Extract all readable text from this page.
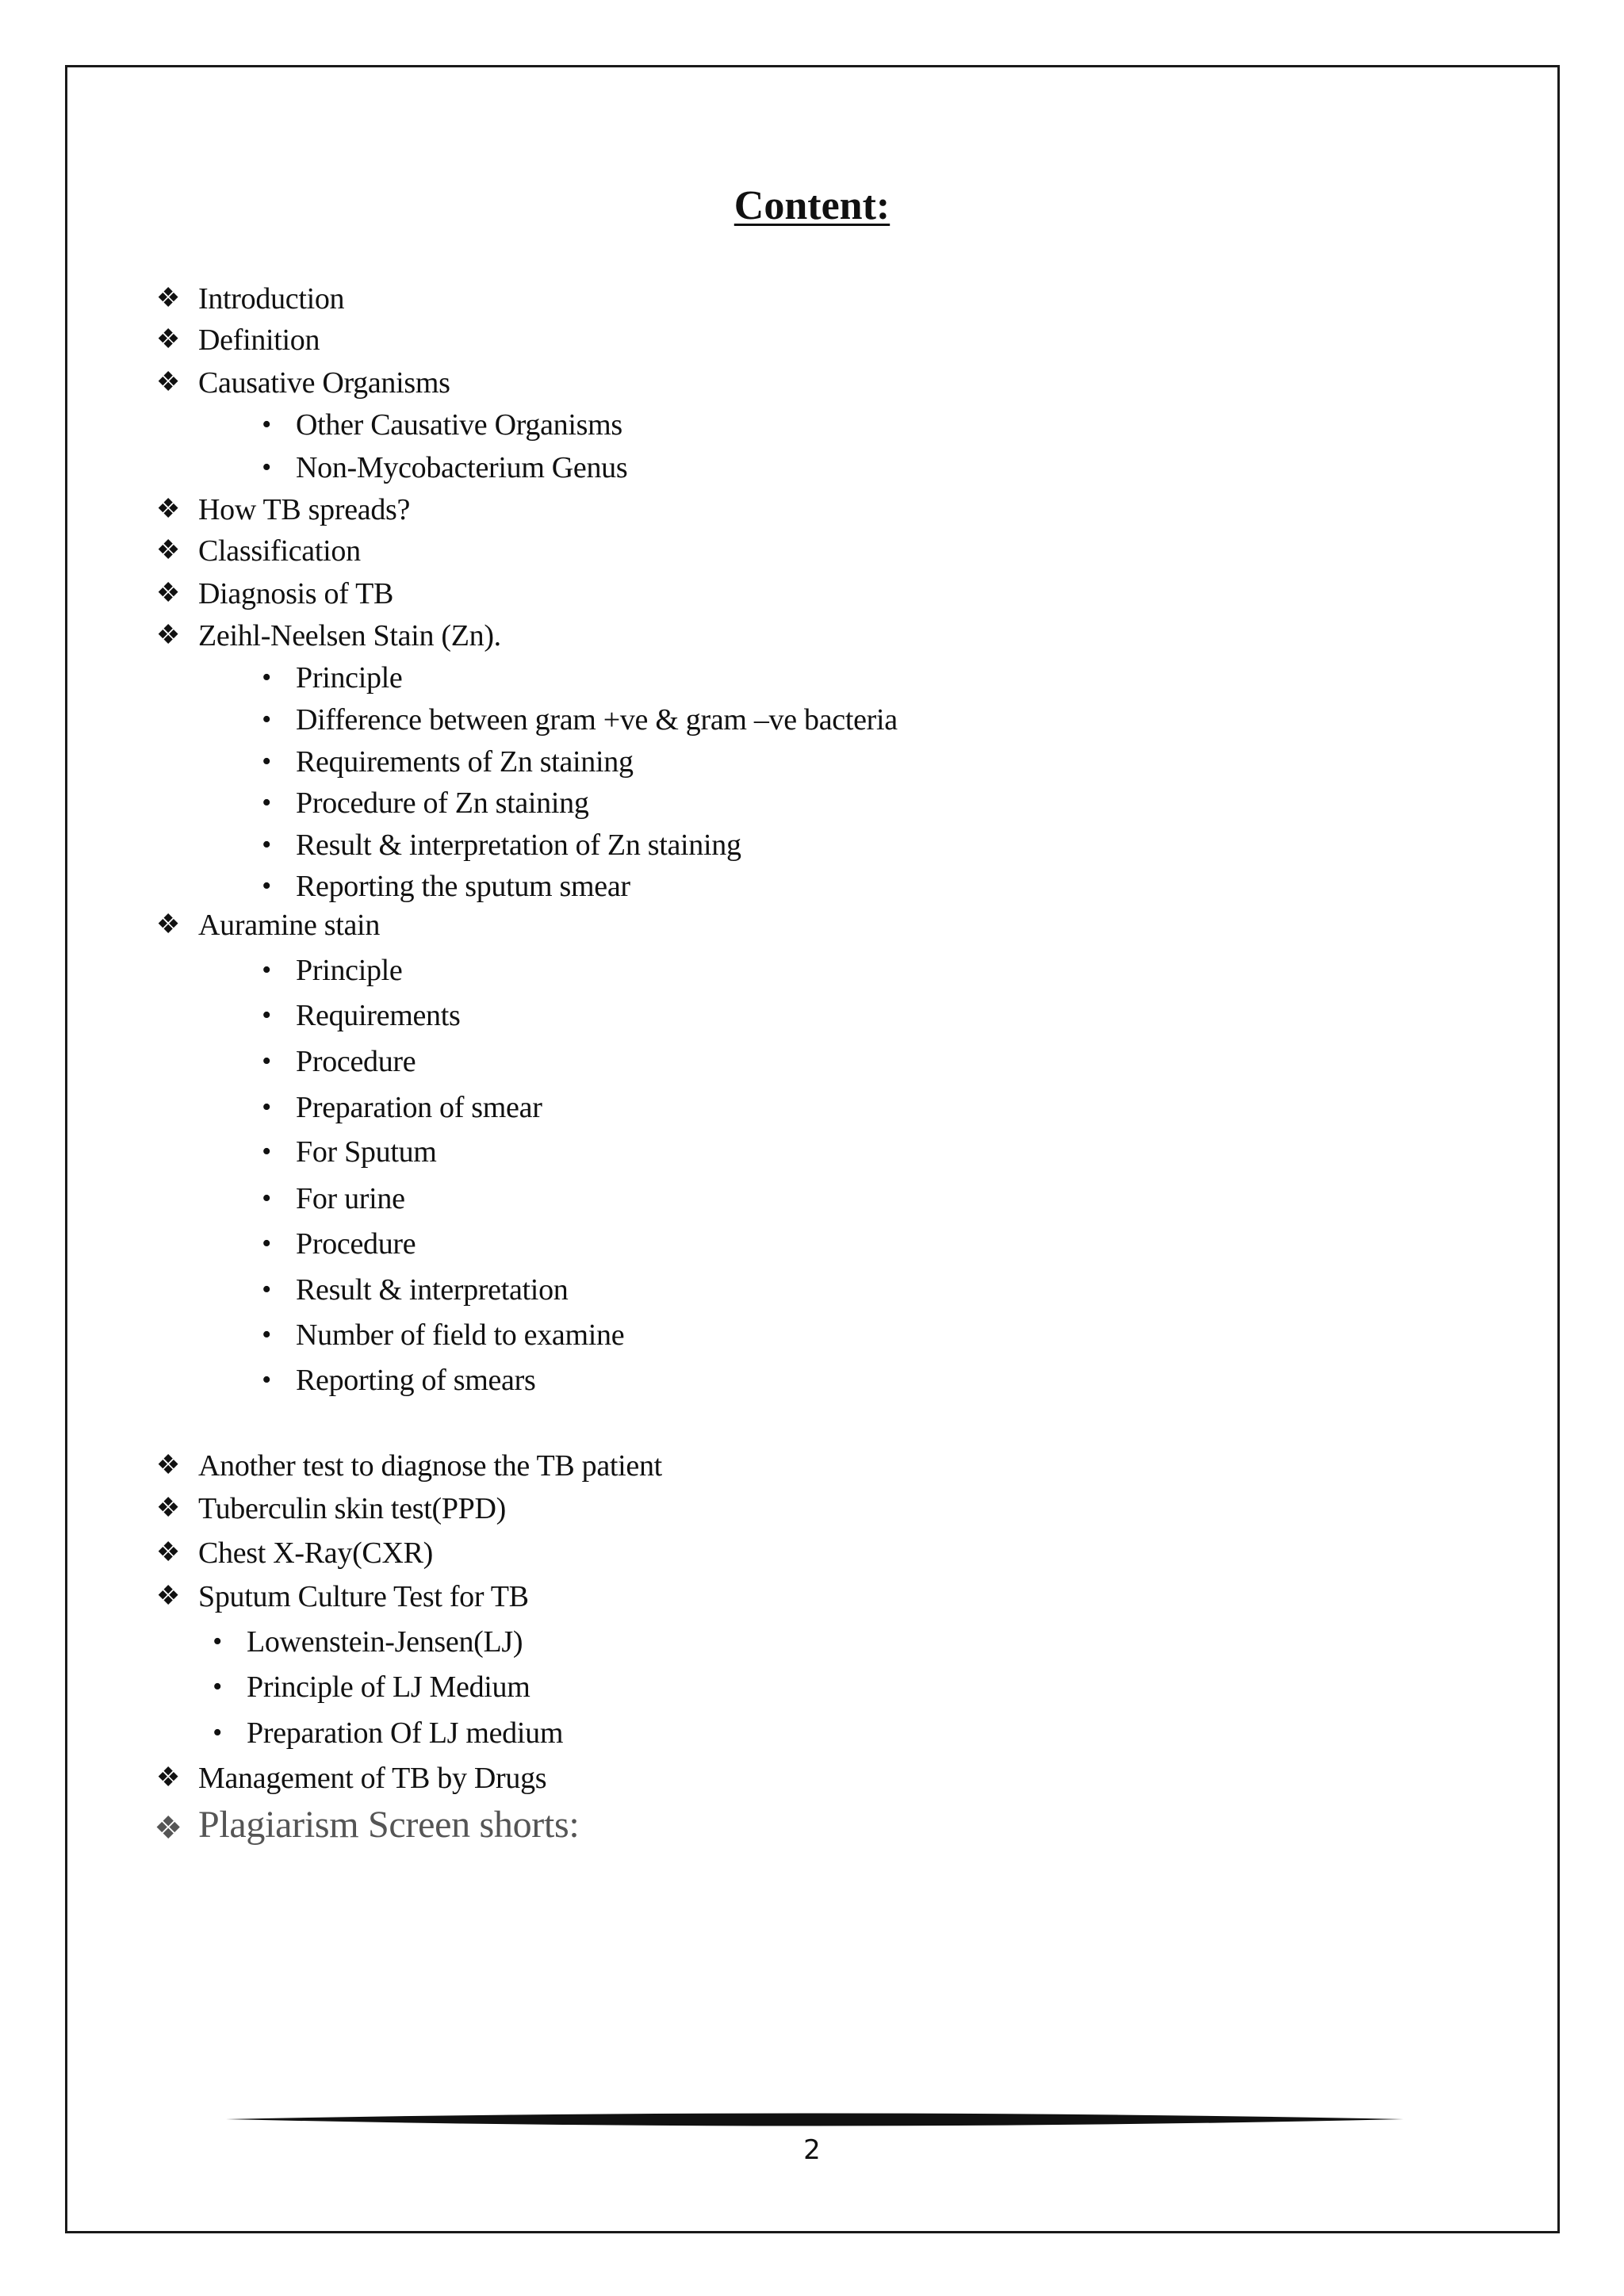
Content:
❖ Introduction
❖ Definition
❖ Causative Organisms
• Other Causative Organisms
• Non-Mycobacterium Genus
❖ How TB spreads?
❖ Classification
❖ Diagnosis of TB
❖ Zeihl-Neelsen Stain (Zn).
• Principle
• Difference between gram +ve & gram –ve bacteria
• Requirements of Zn staining
• Procedure of Zn staining
• Result & interpretation of Zn staining
• Reporting the sputum smear
❖ Auramine stain
• Principle
• Requirements
• Procedure
• Preparation of smear
• For Sputum
• For urine
• Procedure
• Result & interpretation
• Number of field to examine
• Reporting of smears
❖ Another test to diagnose the TB patient
❖ Tuberculin skin test(PPD)
❖ Chest X-Ray(CXR)
❖ Sputum Culture Test for TB
• Lowenstein-Jensen(LJ)
• Principle of LJ Medium
• Preparation Of LJ medium
❖ Management of TB by Drugs
❖ Plagiarism Screen shorts:
2
